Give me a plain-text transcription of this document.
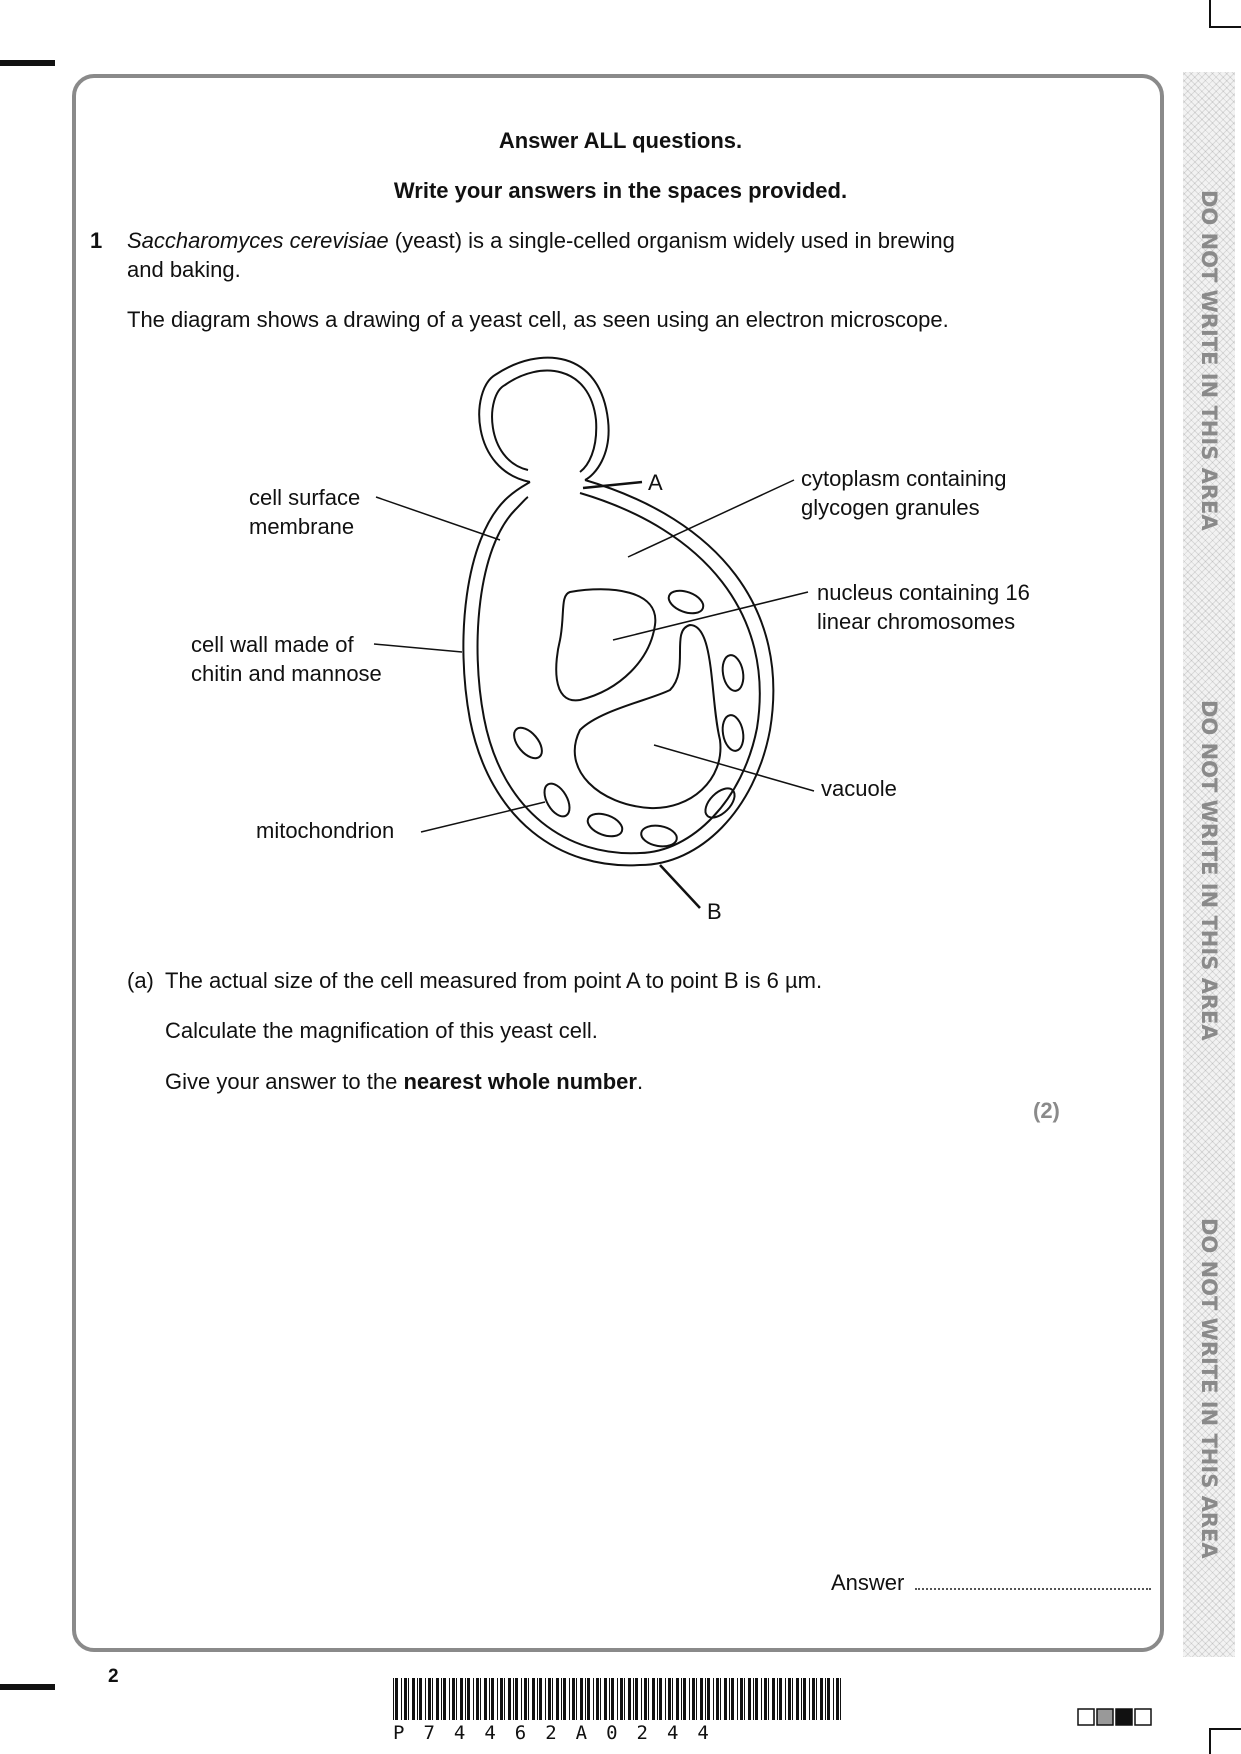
DO NOT WRITE IN THIS AREA
DO NOT WRITE IN THIS AREA
DO NOT WRITE IN THIS AREA
Answer ALL questions.
Write your answers in the spaces provided.
1 Saccharomyces cerevisiae (yeast) is a single-celled organism widely used in brewing
and baking.
The diagram shows a drawing of a yeast cell, as seen using an electron microscope.
cell surface
membrane
cell wall made of
chitin and mannose
mitochondrion
cytoplasm containing
glycogen granules
nucleus containing 16
linear chromosomes
vacuole
A
B
(a) The actual size of the cell measured from point A to point B is 6 µm.
Calculate the magnification of this yeast cell.
Give your answer to the nearest whole number.
(2)
Answer
2
P74462A0244
